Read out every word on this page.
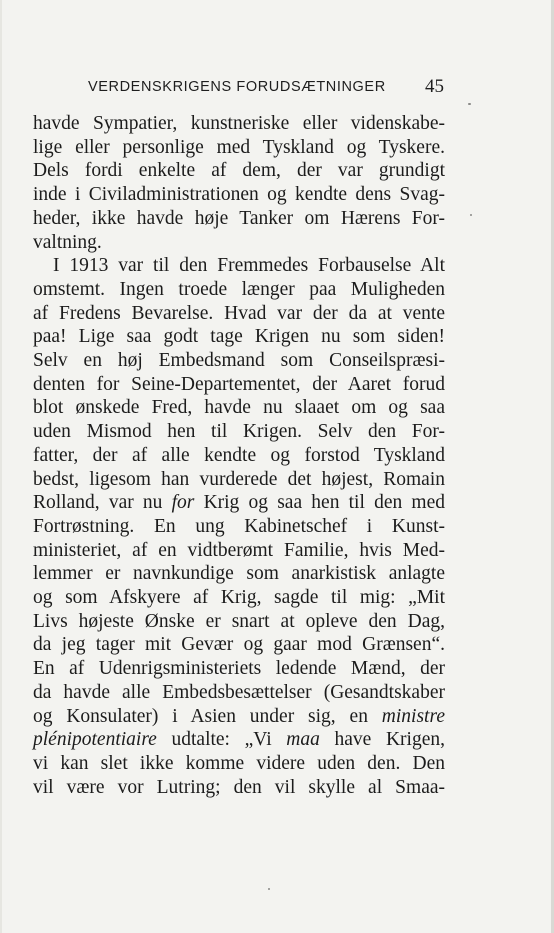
VERDENSKRIGENS FORUDSÆTNINGER 45
havde Sympatier, kunstneriske eller videnskabe-
lige eller personlige med Tyskland og Tyskere.
Dels fordi enkelte af dem, der var grundigt
inde i Civiladministrationen og kendte dens Svag-
heder, ikke havde høje Tanker om Hærens For-
valtning.
I 1913 var til den Fremmedes Forbauselse Alt
omstemt. Ingen troede længer paa Muligheden
af Fredens Bevarelse. Hvad var der da at vente
paa! Lige saa godt tage Krigen nu som siden!
Selv en høj Embedsmand som Conseilspræsi-
denten for Seine-Departementet, der Aaret forud
blot ønskede Fred, havde nu slaaet om og saa
uden Mismod hen til Krigen. Selv den For-
fatter, der af alle kendte og forstod Tyskland
bedst, ligesom han vurderede det højest, Romain
Rolland, var nu for Krig og saa hen til den med
Fortrøstning. En ung Kabinetschef i Kunst-
ministeriet, af en vidtberømt Familie, hvis Med-
lemmer er navnkundige som anarkistisk anlagte
og som Afskyere af Krig, sagde til mig: „Mit
Livs højeste Ønske er snart at opleve den Dag,
da jeg tager mit Gevær og gaar mod Grænsen“.
En af Udenrigsministeriets ledende Mænd, der
da havde alle Embedsbesættelser (Gesandtskaber
og Konsulater) i Asien under sig, en ministre
plénipotentiaire udtalte: „Vi maa have Krigen,
vi kan slet ikke komme videre uden den. Den
vil være vor Lutring; den vil skylle al Smaa-
